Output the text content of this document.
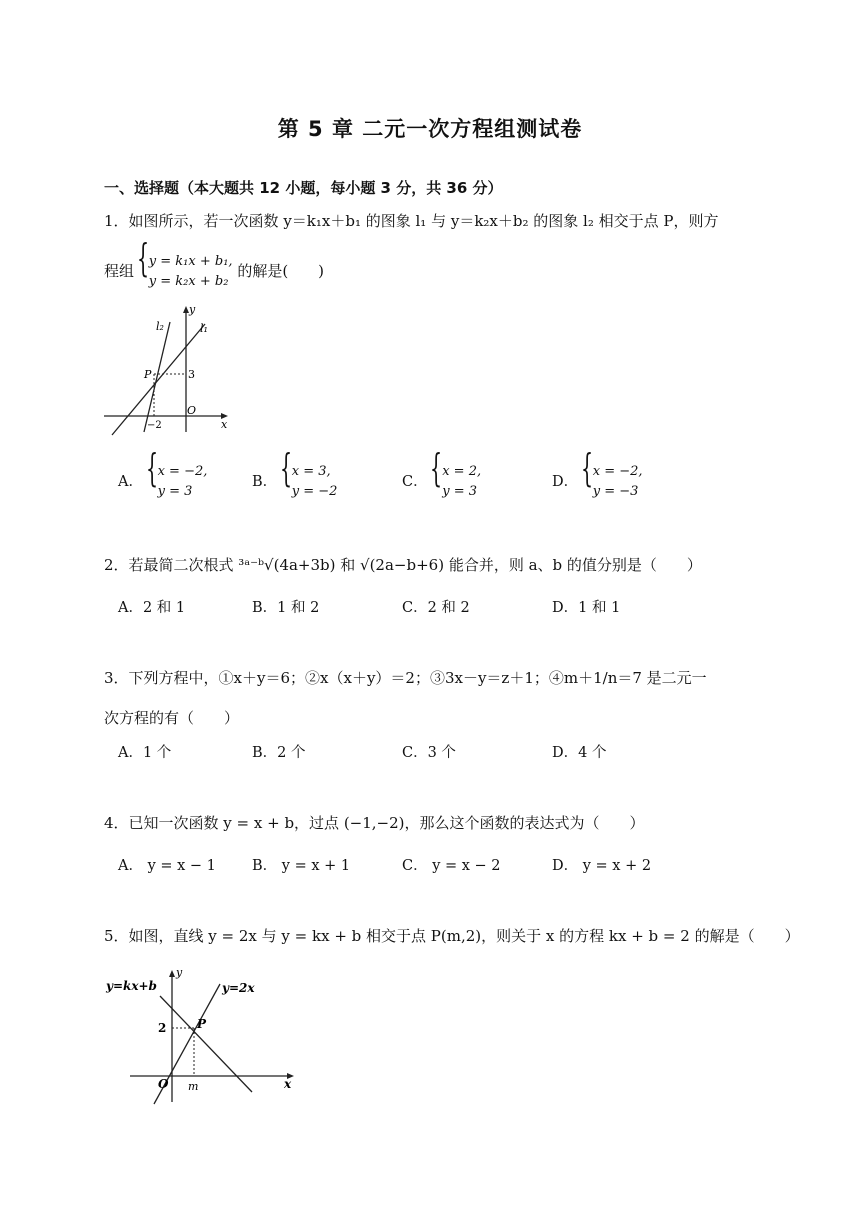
第 5 章 二元一次方程组测试卷
一、选择题（本大题共 12 小题，每小题 3 分，共 36 分）
1．如图所示，若一次函数 y＝k₁x＋b₁ 的图象 l₁ 与 y＝k₂x＋b₂ 的图象 l₂ 相交于点 P，则方
程组
{ y = k₁x + b₁,
y = k₂x + b₂
的解是(　　)
l₂	l₁
y
x
P	3
O
−2
A．
{ x = −2,
y = 3
B．
{ x = 3,
y = −2
C．
{ x = 2,
y = 3
D．
{ x = −2,
y = −3
2．若最简二次根式 ³ᵃ⁻ᵇ√(4a+3b) 和 √(2a−b+6) 能合并，则 a、b 的值分别是（　　）
A．2 和 1	B．1 和 2	C．2 和 2	D．1 和 1
3．下列方程中，①x＋y＝6；②x（x＋y）＝2；③3x－y＝z＋1；④m＋1/n＝7 是二元一
次方程的有（　　）
A．1 个	B．2 个	C．3 个	D．4 个
4．已知一次函数 y = x + b，过点 (−1,−2)，那么这个函数的表达式为（　　）
A． y = x − 1 B． y = x + 1	C． y = x − 2	D． y = x + 2
5．如图，直线 y = 2x 与 y = kx + b 相交于点 P(m,2)，则关于 x 的方程 kx + b = 2 的解是（　　）
y=kx+b	y=2x
y
x
2	P
O m
